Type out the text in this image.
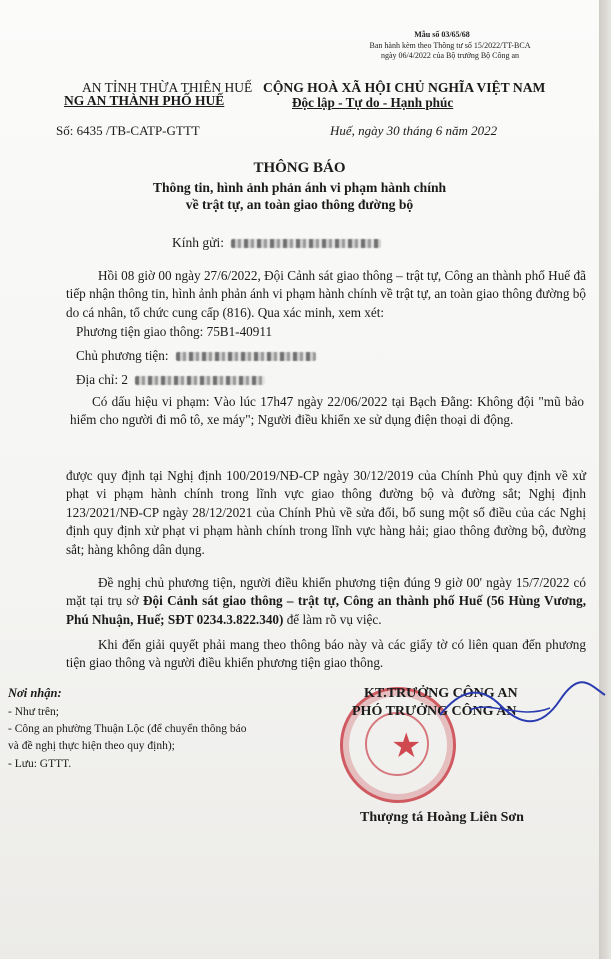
Mẫu số 03/65/68
Ban hành kèm theo Thông tư số 15/2022/TT-BCA
ngày 06/4/2022 của Bộ trưởng Bộ Công an
AN TỈNH THỪA THIÊN HUẾ
NG AN THÀNH PHỐ HUẾ
Số: 6435 /TB-CATP-GTTT
CỘNG HOÀ XÃ HỘI CHỦ NGHĨA VIỆT NAM
Độc lập - Tự do - Hạnh phúc
Huế, ngày 30 tháng 6 năm 2022
THÔNG BÁO
Thông tin, hình ảnh phản ánh vi phạm hành chính
về trật tự, an toàn giao thông đường bộ
Kính gửi:
Hồi 08 giờ 00 ngày 27/6/2022, Đội Cảnh sát giao thông – trật tự, Công an thành phố Huế đã tiếp nhận thông tin, hình ảnh phản ánh vi phạm hành chính về trật tự, an toàn giao thông đường bộ do cá nhân, tổ chức cung cấp (816). Qua xác minh, xem xét:
Phương tiện giao thông: 75B1-40911
Chủ phương tiện:
Địa chỉ: 2
Có dấu hiệu vi phạm: Vào lúc 17h47 ngày 22/06/2022 tại Bạch Đằng: Không đội "mũ bảo hiểm cho người đi mô tô, xe máy"; Người điều khiển xe sử dụng điện thoại di động.
được quy định tại Nghị định 100/2019/NĐ-CP ngày 30/12/2019 của Chính Phủ quy định về xử phạt vi phạm hành chính trong lĩnh vực giao thông đường bộ và đường sắt; Nghị định 123/2021/NĐ-CP ngày 28/12/2021 của Chính Phủ về sửa đổi, bổ sung một số điều của các Nghị định quy định xử phạt vi phạm hành chính trong lĩnh vực hàng hải; giao thông đường bộ, đường sắt; hàng không dân dụng.
Đề nghị chủ phương tiện, người điều khiển phương tiện đúng 9 giờ 00' ngày 15/7/2022 có mặt tại trụ sở Đội Cảnh sát giao thông – trật tự, Công an thành phố Huế (56 Hùng Vương, Phú Nhuận, Huế; SĐT 0234.3.822.340) để làm rõ vụ việc.
Khi đến giải quyết phải mang theo thông báo này và các giấy tờ có liên quan đến phương tiện giao thông và người điều khiển phương tiện giao thông.
Nơi nhận:
- Như trên;
- Công an phường Thuận Lộc (để chuyển thông báo
và đề nghị thực hiện theo quy định);
- Lưu: GTTT.	★
KT.TRƯỞNG CÔNG AN
PHÓ TRƯỞNG CÔNG AN
Thượng tá Hoàng Liên Sơn
